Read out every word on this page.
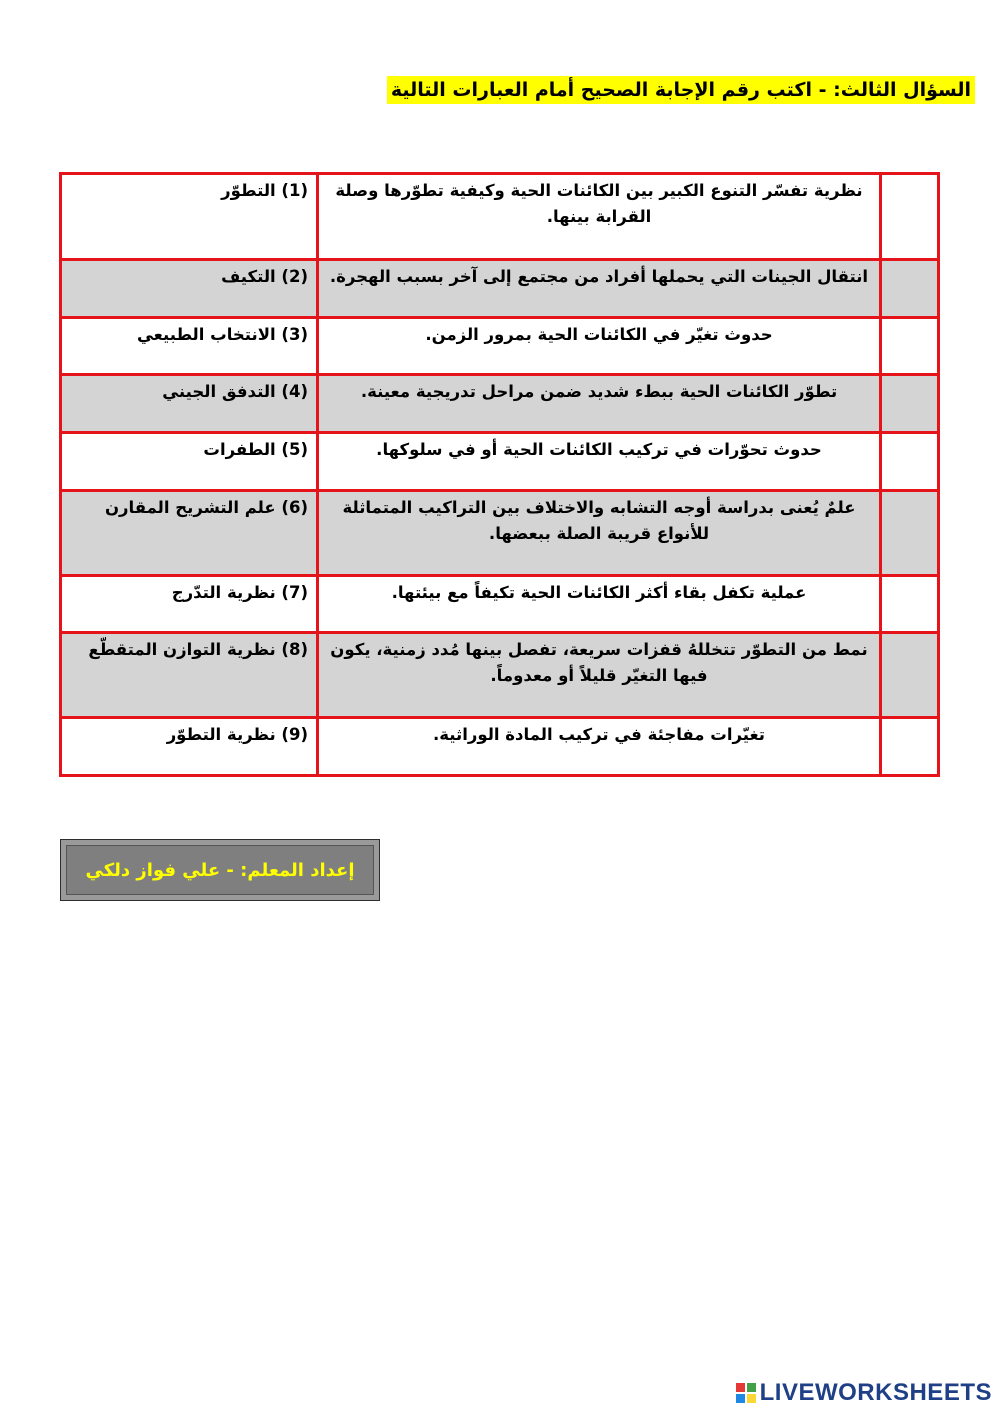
السؤال الثالث: - اكتب رقم الإجابة الصحيح أمام العبارات التالية
	نظرية تفسّر التنوع الكبير بين الكائنات الحية وكيفية تطوّرها وصلة القرابة بينها.	(1) التطوّر
	انتقال الجينات التي يحملها أفراد من مجتمع إلى آخر بسبب الهجرة.	(2) التكيف
	حدوث تغيّر في الكائنات الحية بمرور الزمن.	(3) الانتخاب الطبيعي
	تطوّر الكائنات الحية ببطء شديد ضمن مراحل تدريجية معينة.	(4) التدفق الجيني
	حدوث تحوّرات في تركيب الكائنات الحية أو في سلوكها.	(5) الطفرات
	علمٌ يُعنى بدراسة أوجه التشابه والاختلاف بين التراكيب المتماثلة للأنواع قريبة الصلة ببعضها.	(6) علم التشريح المقارن
	عملية تكفل بقاء أكثر الكائنات الحية تكيفاً مع بيئتها.	(7) نظرية التدّرج
	نمط من التطوّر تتخللهُ قفزات سريعة، تفصل بينها مُدد زمنية، يكون فيها التغيّر قليلاً أو معدوماً.	(8) نظرية التوازن المتقطّع
	تغيّرات مفاجئة في تركيب المادة الوراثية.	(9) نظرية التطوّر
إعداد المعلم: - علي فواز دلكي
LIVEWORKSHEETS
